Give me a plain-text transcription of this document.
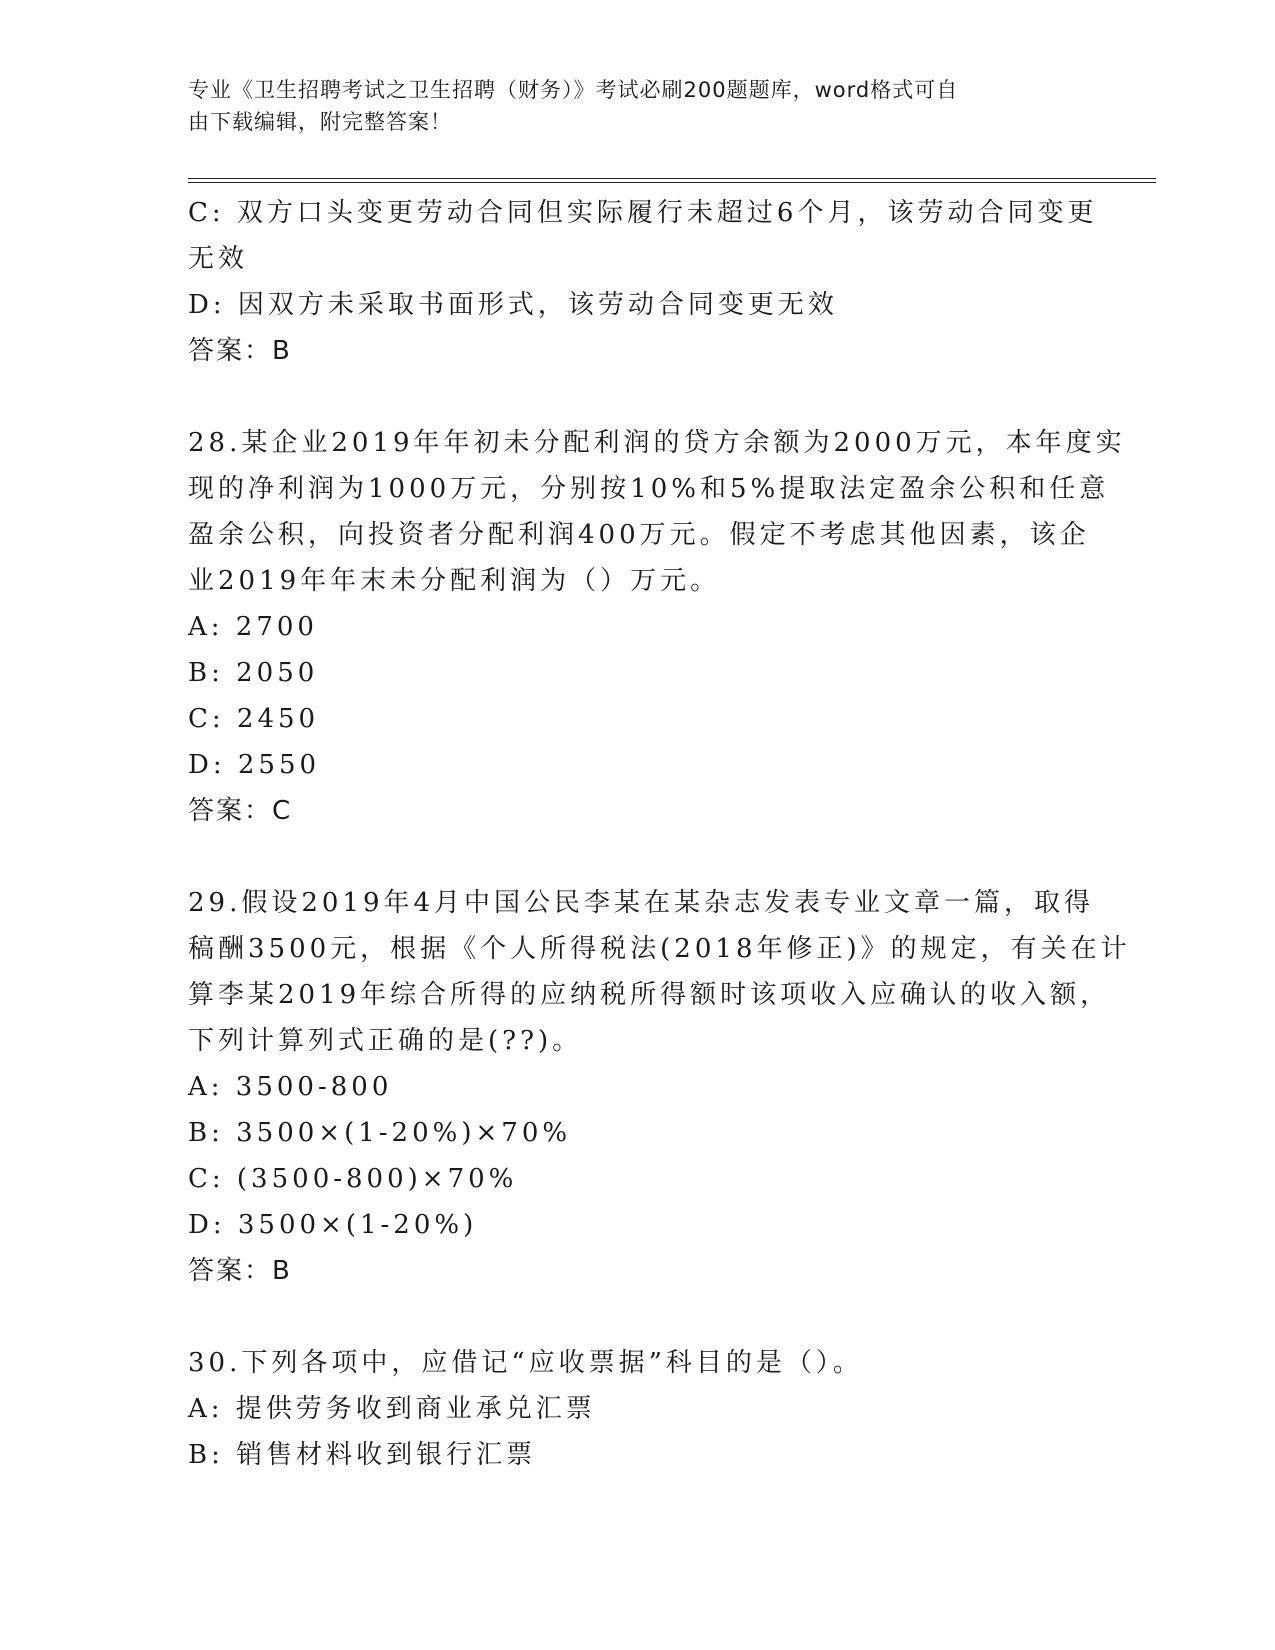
专业《卫生招聘考试之卫生招聘（财务）》考试必刷200题题库，word格式可自
由下载编辑，附完整答案！
C: 双方口头变更劳动合同但实际履行未超过6个月，该劳动合同变更
无效
D: 因双方未采取书面形式，该劳动合同变更无效
答案：B
28.某企业2019年年初未分配利润的贷方余额为2000万元，本年度实
现的净利润为1000万元，分别按10%和5%提取法定盈余公积和任意
盈余公积，向投资者分配利润400万元。假定不考虑其他因素，该企
业2019年年末未分配利润为（）万元。
A: 2700
B: 2050
C: 2450
D: 2550
答案：C
29.假设2019年4月中国公民李某在某杂志发表专业文章一篇，取得
稿酬3500元，根据《个人所得税法(2018年修正)》的规定，有关在计
算李某2019年综合所得的应纳税所得额时该项收入应确认的收入额，
下列计算列式正确的是(??)。
A: 3500-800
B: 3500×(1-20%)×70%
C: (3500-800)×70%
D: 3500×(1-20%)
答案：B
30.下列各项中，应借记“应收票据”科目的是（）。
A: 提供劳务收到商业承兑汇票
B: 销售材料收到银行汇票
